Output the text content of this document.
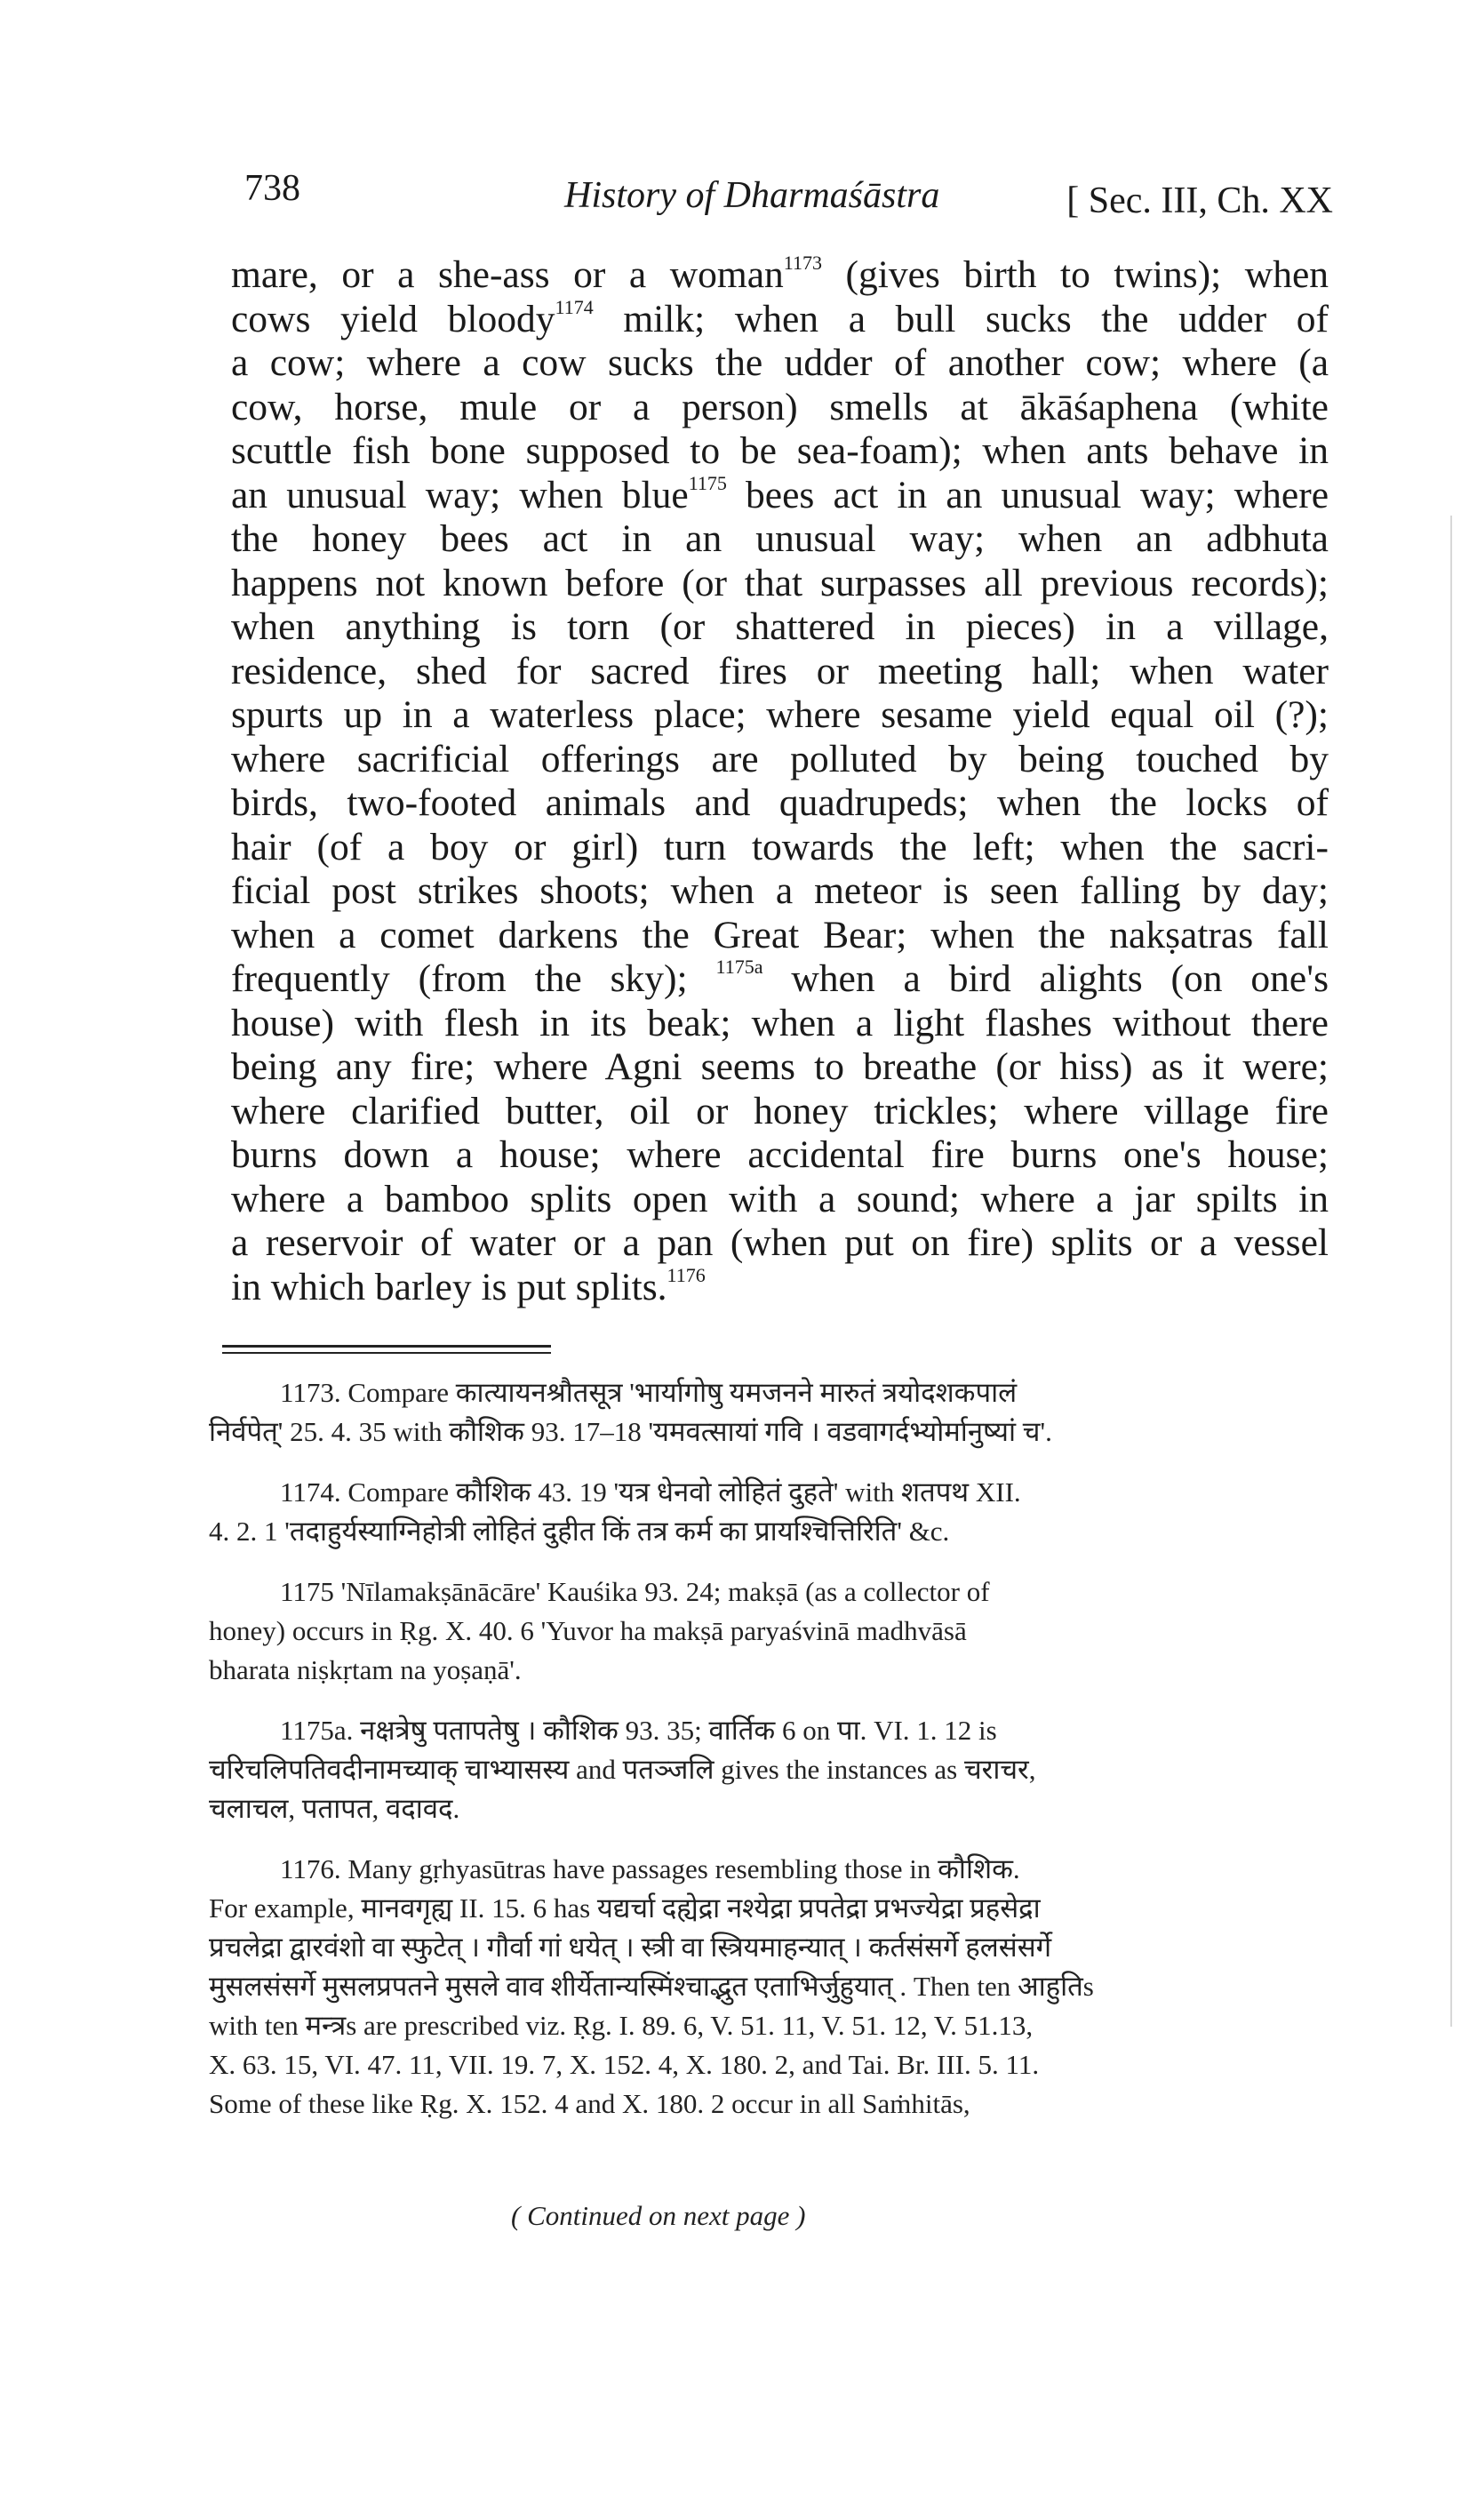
738	History of Dharmaśāstra	[ Sec. III, Ch. XX
mare, or a she-ass or a woman$^{1173}$ (gives birth to twins); when
cows yield bloody$^{1174}$ milk; when a bull sucks the udder of
a cow; where a cow sucks the udder of another cow; where (a
cow, horse, mule or a person) smells at ākāśaphena (white
scuttle fish bone supposed to be sea-foam); when ants behave in
an unusual way; when blue$^{1175}$ bees act in an unusual way; where
the honey bees act in an unusual way; when an adbhuta
happens not known before (or that surpasses all previous records);
when anything is torn (or shattered in pieces) in a village,
residence, shed for sacred fires or meeting hall; when water
spurts up in a waterless place; where sesame yield equal oil (?);
where sacrificial offerings are polluted by being touched by
birds, two-footed animals and quadrupeds; when the locks of
hair (of a boy or girl) turn towards the left; when the sacri-
ficial post strikes shoots; when a meteor is seen falling by day;
when a comet darkens the Great Bear; when the nakṣatras fall
frequently (from the sky); $^{1175a}$ when a bird alights (on one's
house) with flesh in its beak; when a light flashes without there
being any fire; where Agni seems to breathe (or hiss) as it were;
where clarified butter, oil or honey trickles; where village fire
burns down a house; where accidental fire burns one's house;
where a bamboo splits open with a sound; where a jar spilts in
a reservoir of water or a pan (when put on fire) splits or a vessel
in which barley is put splits.$^{1176}$
1173. Compare कात्यायनश्रौतसूत्र 'भार्यागोषु यमजनने मारुतं त्रयोदशकपालं
निर्वपेत्' 25. 4. 35 with कौशिक 93. 17–18 'यमवत्सायां गवि । वडवागर्दभ्योर्मानुष्यां च'.
1174. Compare कौशिक 43. 19 'यत्र धेनवो लोहितं दुहते' with शतपथ XII.
4. 2. 1 'तदाहुर्यस्याग्निहोत्री लोहितं दुहीत किं तत्र कर्म का प्रायश्चित्तिरिति' &c.
1175 'Nīlamakṣānācāre' Kauśika 93. 24; makṣā (as a collector of
honey) occurs in Ṛg. X. 40. 6 'Yuvor ha makṣā paryaśvinā madhvāsā
bharata niṣkṛtam na yoṣaṇā'.
1175a. नक्षत्रेषु पतापतेषु । कौशिक 93. 35; वार्तिक 6 on पा. VI. 1. 12 is
चरिचलिपतिवदीनामच्याक् चाभ्यासस्य and पतञ्जलि gives the instances as चराचर,
चलाचल, पतापत, वदावद.
1176. Many gṛhyasūtras have passages resembling those in कौशिक.
For example, मानवगृह्य II. 15. 6 has यद्यर्चा दह्येद्रा नश्येद्रा प्रपतेद्रा प्रभज्येद्रा प्रहसेद्रा
प्रचलेद्रा द्वारवंशो वा स्फुटेत् । गौर्वा गां धयेत् । स्त्री वा स्त्रियमाहन्यात् । कर्तसंसर्गे हलसंसर्गे
मुसलसंसर्गे मुसलप्रपतने मुसले वाव शीर्येतान्यस्मिंश्चाद्भुत एताभिर्जुहुयात् . Then ten आहुतिs
with ten मन्त्रs are prescribed viz. Ṛg. I. 89. 6, V. 51. 11, V. 51. 12, V. 51.13,
X. 63. 15, VI. 47. 11, VII. 19. 7, X. 152. 4, X. 180. 2, and Tai. Br. III. 5. 11.
Some of these like Ṛg. X. 152. 4 and X. 180. 2 occur in all Saṁhitās,
( Continued on next page )
